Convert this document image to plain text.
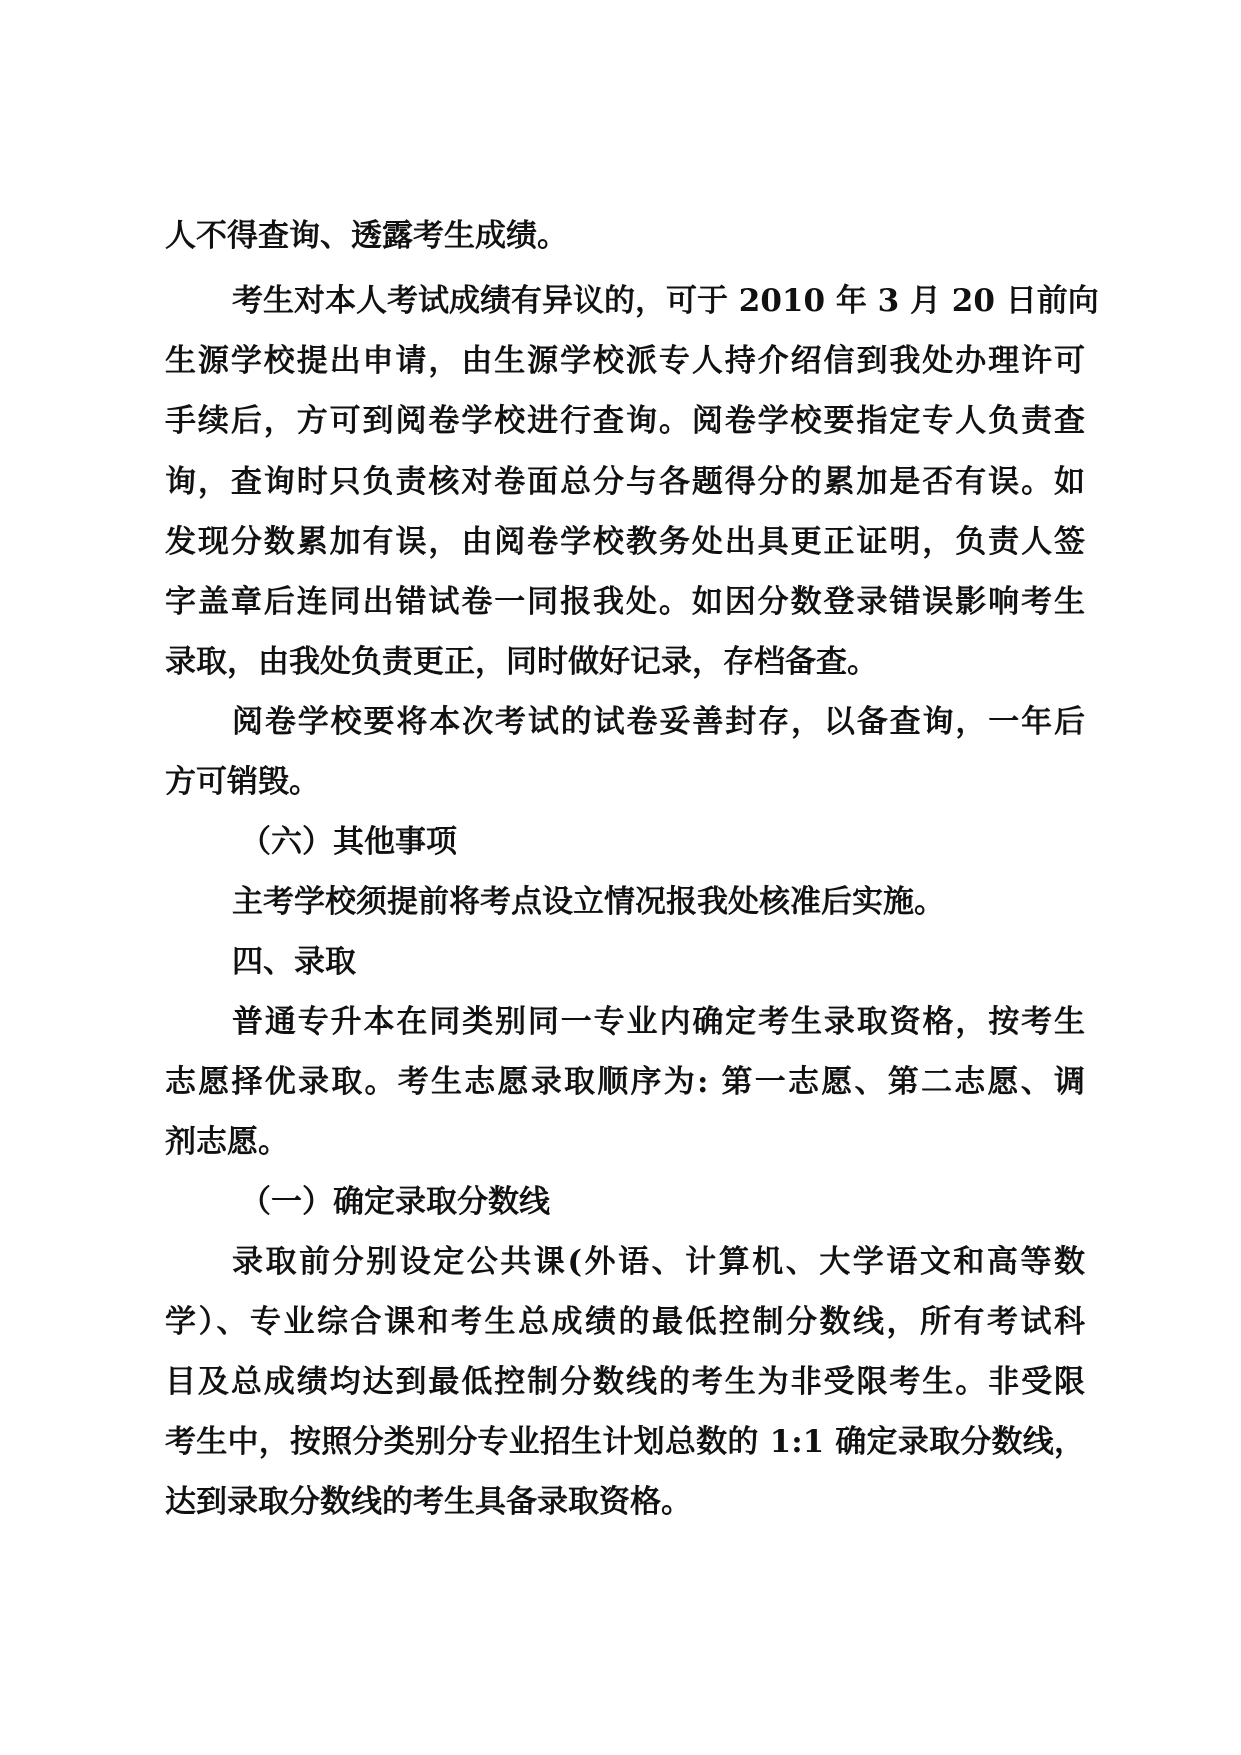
人不得查询、透露考生成绩。
考生对本人考试成绩有异议的，可于 2010 年 3 月 20 日前向
生源学校提出申请，由生源学校派专人持介绍信到我处办理许可
手续后，方可到阅卷学校进行查询。阅卷学校要指定专人负责查
询，查询时只负责核对卷面总分与各题得分的累加是否有误。如
发现分数累加有误，由阅卷学校教务处出具更正证明，负责人签
字盖章后连同出错试卷一同报我处。如因分数登录错误影响考生
录取，由我处负责更正，同时做好记录，存档备查。
阅卷学校要将本次考试的试卷妥善封存，以备查询，一年后
方可销毁。
（六）其他事项
主考学校须提前将考点设立情况报我处核准后实施。
四、录取
普通专升本在同类别同一专业内确定考生录取资格，按考生
志愿择优录取。考生志愿录取顺序为: 第一志愿、第二志愿、调
剂志愿。
（一）确定录取分数线
录取前分别设定公共课(外语、计算机、大学语文和高等数
学）、专业综合课和考生总成绩的最低控制分数线，所有考试科
目及总成绩均达到最低控制分数线的考生为非受限考生。非受限
考生中，按照分类别分专业招生计划总数的 1:1 确定录取分数线，
达到录取分数线的考生具备录取资格。
